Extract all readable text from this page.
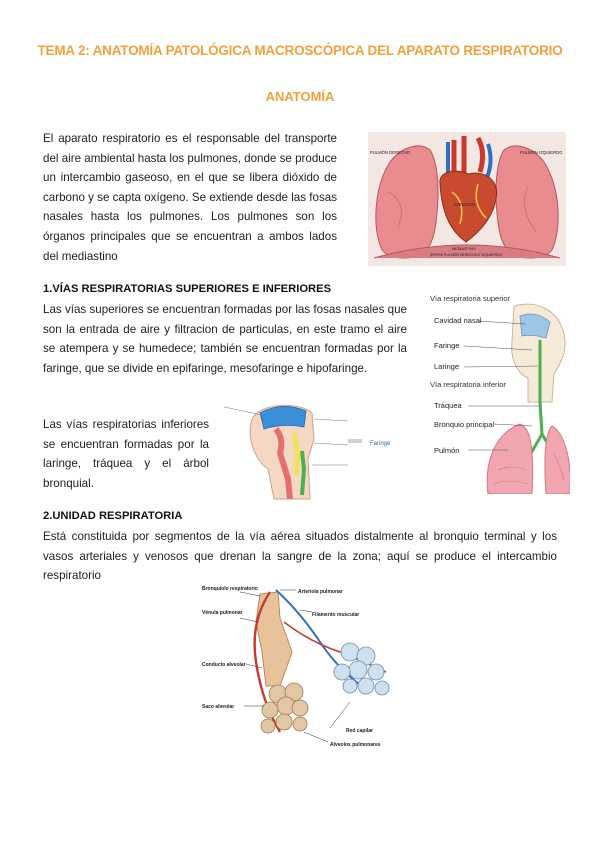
TEMA 2: ANATOMÍA PATOLÓGICA MACROSCÓPICA DEL APARATO RESPIRATORIO
ANATOMÍA
El aparato respiratorio es el responsable del transporte del aire ambiental hasta los pulmones, donde se produce un intercambio gaseoso, en el que se libera dióxido de carbono y se capta oxígeno. Se extiende desde las fosas nasales hasta los pulmones. Los pulmones son los órganos principales que se encuentran a ambos lados del mediastino
PULMÓN DERECHO	PULMÓN IZQUIERDO
CORAZÓN
MEDIASTINO
(ENTRE PULMÓN DERECHO E IZQUIERDO)
1.VÍAS RESPIRATORIAS SUPERIORES E INFERIORES
Las vías superiores se encuentran formadas por las fosas nasales que son la entrada de aire y filtracion de particulas, en este tramo el aire se atempera y se humedece; también se encuentran formadas por la faringe, que se divide en epifaringe, mesofaringe e hipofaringe.
Las vías respiratorias inferiores se encuentran formadas por la laringe, tráquea y el árbol bronquial.
Vía respiratoria superior
Cavidad nasal
Faringe
Laringe
Vía respiratoria inferior
Tráquea
Bronquio principal
Pulmón
Faringe
2.UNIDAD RESPIRATORIA
Está constituida por segmentos de la vía aérea situados distalmente al bronquio terminal y los vasos arteriales y venosos que drenan la sangre de la zona; aquí se produce el intercambio respiratorio
Bronquiolo respiratorio	Arteriola pulmonar
Vénula pulmonar	Filamento muscular
Conducto alveolar
Saco alveolar
Red capilar
Alveolos pulmonares
